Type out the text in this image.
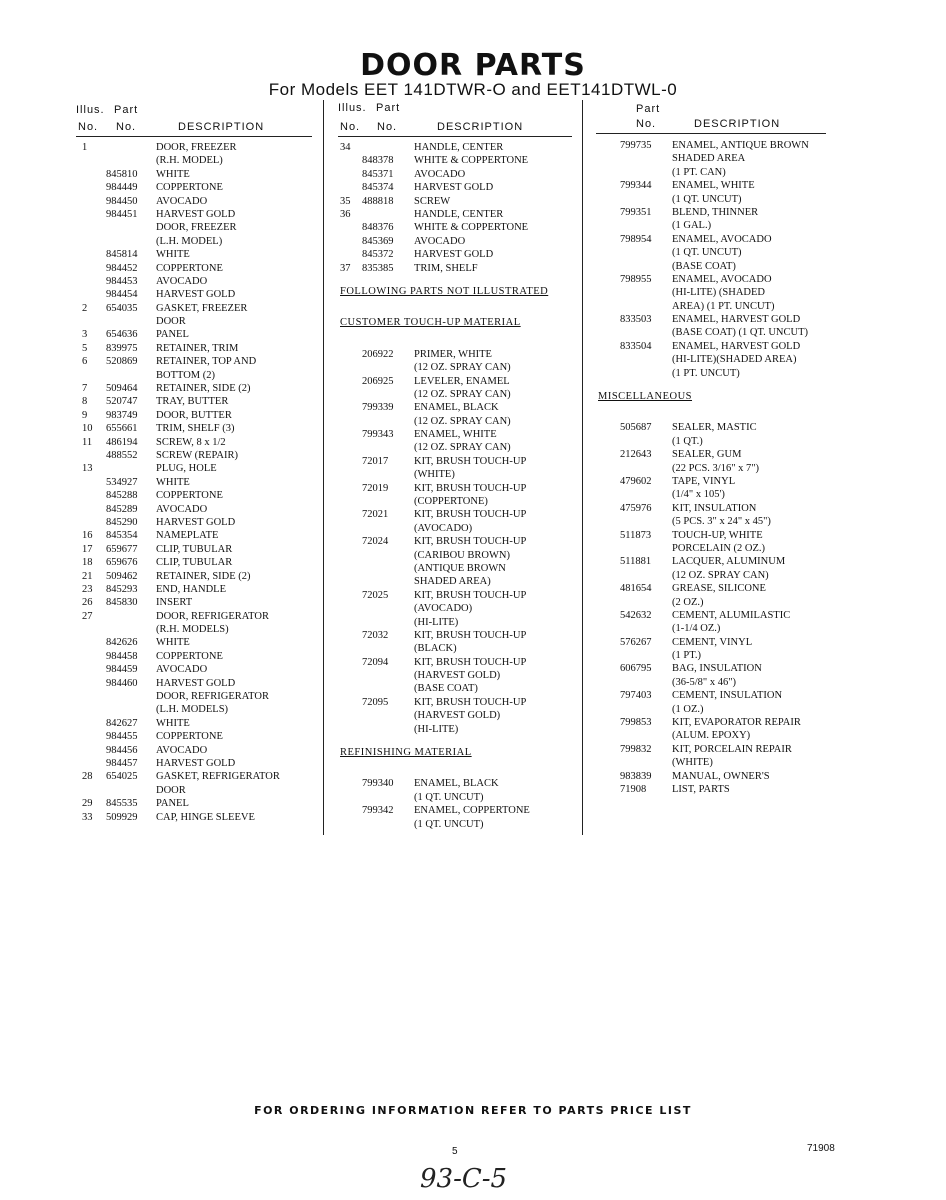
DOOR PARTS
For Models EET 141DTWR-O and EET141DTWL-0
Illus. Part
No. No.	DESCRIPTION
Illus. Part
No. No.	DESCRIPTION
Part
No.	DESCRIPTION
1	DOOR, FREEZER
(R.H. MODEL)
845810	WHITE
984449	COPPERTONE
984450	AVOCADO
984451	HARVEST GOLD
DOOR, FREEZER
(L.H. MODEL)
845814	WHITE
984452	COPPERTONE
984453	AVOCADO
984454	HARVEST GOLD
2	654035	GASKET, FREEZER
DOOR
3	654636	PANEL
5	839975	RETAINER, TRIM
6	520869	RETAINER, TOP AND
BOTTOM (2)
7	509464	RETAINER, SIDE (2)
8	520747	TRAY, BUTTER
9	983749	DOOR, BUTTER
10	655661	TRIM, SHELF (3)
11	486194	SCREW, 8 x 1/2
488552	SCREW (REPAIR)
13	PLUG, HOLE
534927	WHITE
845288	COPPERTONE
845289	AVOCADO
845290	HARVEST GOLD
16	845354	NAMEPLATE
17	659677	CLIP, TUBULAR
18	659676	CLIP, TUBULAR
21	509462	RETAINER, SIDE (2)
23	845293	END, HANDLE
26	845830	INSERT
27	DOOR, REFRIGERATOR
(R.H. MODELS)
842626	WHITE
984458	COPPERTONE
984459	AVOCADO
984460	HARVEST GOLD
DOOR, REFRIGERATOR
(L.H. MODELS)
842627	WHITE
984455	COPPERTONE
984456	AVOCADO
984457	HARVEST GOLD
28	654025	GASKET, REFRIGERATOR
DOOR
29	845535	PANEL
33	509929	CAP, HINGE SLEEVE
34	HANDLE, CENTER
848378	WHITE & COPPERTONE
845371	AVOCADO
845374	HARVEST GOLD
35	488818	SCREW
36	HANDLE, CENTER
848376	WHITE & COPPERTONE
845369	AVOCADO
845372	HARVEST GOLD
37	835385	TRIM, SHELF
FOLLOWING PARTS NOT ILLUSTRATED
CUSTOMER TOUCH-UP MATERIAL
206922	PRIMER, WHITE
(12 OZ. SPRAY CAN)
206925	LEVELER, ENAMEL
(12 OZ. SPRAY CAN)
799339	ENAMEL, BLACK
(12 OZ. SPRAY CAN)
799343	ENAMEL, WHITE
(12 OZ. SPRAY CAN)
72017	KIT, BRUSH TOUCH-UP
(WHITE)
72019	KIT, BRUSH TOUCH-UP
(COPPERTONE)
72021	KIT, BRUSH TOUCH-UP
(AVOCADO)
72024	KIT, BRUSH TOUCH-UP
(CARIBOU BROWN)
(ANTIQUE BROWN
SHADED AREA)
72025	KIT, BRUSH TOUCH-UP
(AVOCADO)
(HI-LITE)
72032	KIT, BRUSH TOUCH-UP
(BLACK)
72094	KIT, BRUSH TOUCH-UP
(HARVEST GOLD)
(BASE COAT)
72095	KIT, BRUSH TOUCH-UP
(HARVEST GOLD)
(HI-LITE)
REFINISHING MATERIAL
799340	ENAMEL, BLACK
(1 QT. UNCUT)
799342	ENAMEL, COPPERTONE
(1 QT. UNCUT)
799735	ENAMEL, ANTIQUE BROWN
SHADED AREA
(1 PT. CAN)
799344	ENAMEL, WHITE
(1 QT. UNCUT)
799351	BLEND, THINNER
(1 GAL.)
798954	ENAMEL, AVOCADO
(1 QT. UNCUT)
(BASE COAT)
798955	ENAMEL, AVOCADO
(HI-LITE) (SHADED
AREA) (1 PT. UNCUT)
833503	ENAMEL, HARVEST GOLD
(BASE COAT) (1 QT. UNCUT)
833504	ENAMEL, HARVEST GOLD
(HI-LITE)(SHADED AREA)
(1 PT. UNCUT)
MISCELLANEOUS
505687	SEALER, MASTIC
(1 QT.)
212643	SEALER, GUM
(22 PCS. 3/16" x 7")
479602	TAPE, VINYL
(1/4" x 105')
475976	KIT, INSULATION
(5 PCS. 3" x 24" x 45")
511873	TOUCH-UP, WHITE
PORCELAIN (2 OZ.)
511881	LACQUER, ALUMINUM
(12 OZ. SPRAY CAN)
481654	GREASE, SILICONE
(2 OZ.)
542632	CEMENT, ALUMILASTIC
(1-1/4 OZ.)
576267	CEMENT, VINYL
(1 PT.)
606795	BAG, INSULATION
(36-5/8" x 46")
797403	CEMENT, INSULATION
(1 OZ.)
799853	KIT, EVAPORATOR REPAIR
(ALUM. EPOXY)
799832	KIT, PORCELAIN REPAIR
(WHITE)
983839	MANUAL, OWNER'S
71908	LIST, PARTS
FOR ORDERING INFORMATION REFER TO PARTS PRICE LIST
5	71908
93-C-5
